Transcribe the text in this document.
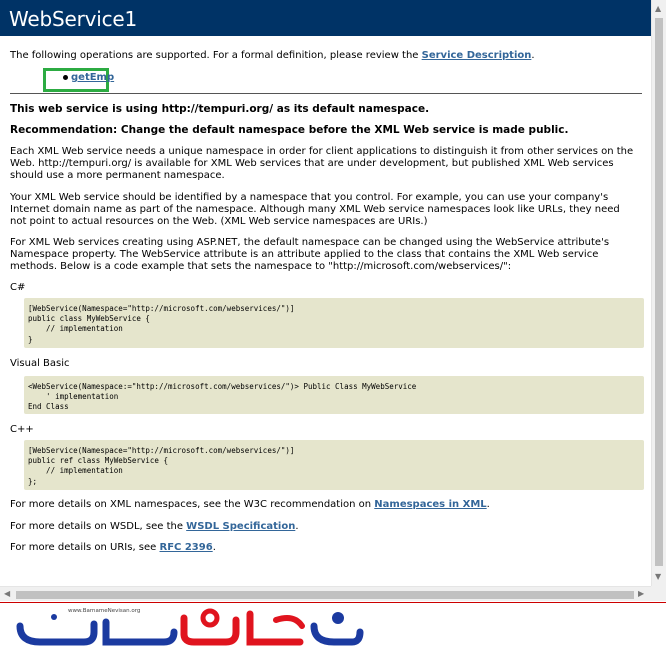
WebService1
The following operations are supported. For a formal definition, please review the Service Description.
getEmp
This web service is using http://tempuri.org/ as its default namespace.
Recommendation: Change the default namespace before the XML Web service is made public.
Each XML Web service needs a unique namespace in order for client applications to distinguish it from other services on the Web. http://tempuri.org/ is available for XML Web services that are under development, but published XML Web services should use a more permanent namespace.
Your XML Web service should be identified by a namespace that you control. For example, you can use your company's Internet domain name as part of the namespace. Although many XML Web service namespaces look like URLs, they need not point to actual resources on the Web. (XML Web service namespaces are URIs.)
For XML Web services creating using ASP.NET, the default namespace can be changed using the WebService attribute's Namespace property. The WebService attribute is an attribute applied to the class that contains the XML Web service methods. Below is a code example that sets the namespace to "http://microsoft.com/webservices/":
C#
[WebService(Namespace="http://microsoft.com/webservices/")]
public class MyWebService {
// implementation
}
Visual Basic
<WebService(Namespace:="http://microsoft.com/webservices/")> Public Class MyWebService
' implementation
End Class
C++
[WebService(Namespace="http://microsoft.com/webservices/")]
public ref class MyWebService {
// implementation
};
For more details on XML namespaces, see the W3C recommendation on Namespaces in XML.
For more details on WSDL, see the WSDL Specification.
For more details on URIs, see RFC 2396.
▲
▼
◀	▶
www.BarnameNevisan.org
